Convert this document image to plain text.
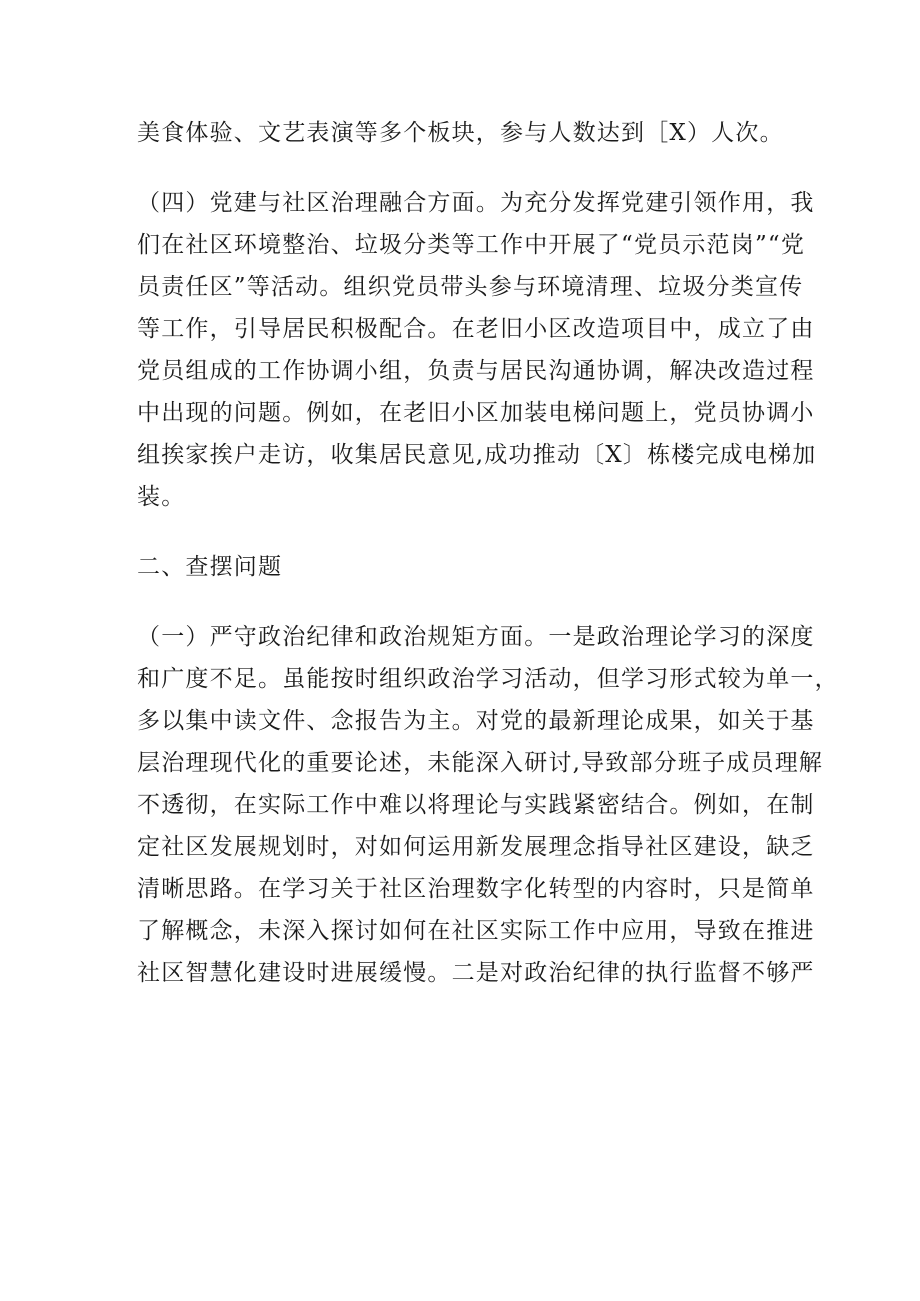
美食体验、文艺表演等多个板块，参与人数达到［X）人次。
（四）党建与社区治理融合方面。为充分发挥党建引领作用，我
们在社区环境整治、垃圾分类等工作中开展了“党员示范岗”“党
员责任区”等活动。组织党员带头参与环境清理、垃圾分类宣传
等工作，引导居民积极配合。在老旧小区改造项目中，成立了由
党员组成的工作协调小组，负责与居民沟通协调，解决改造过程
中出现的问题。例如，在老旧小区加装电梯问题上，党员协调小
组挨家挨户走访，收集居民意见,成功推动〔X〕栋楼完成电梯加
装。
二、查摆问题
（一）严守政治纪律和政治规矩方面。一是政治理论学习的深度
和广度不足。虽能按时组织政治学习活动，但学习形式较为单一，
多以集中读文件、念报告为主。对党的最新理论成果，如关于基
层治理现代化的重要论述，未能深入研讨,导致部分班子成员理解
不透彻，在实际工作中难以将理论与实践紧密结合。例如，在制
定社区发展规划时，对如何运用新发展理念指导社区建设，缺乏
清晰思路。在学习关于社区治理数字化转型的内容时，只是简单
了解概念，未深入探讨如何在社区实际工作中应用，导致在推进
社区智慧化建设时进展缓慢。二是对政治纪律的执行监督不够严
